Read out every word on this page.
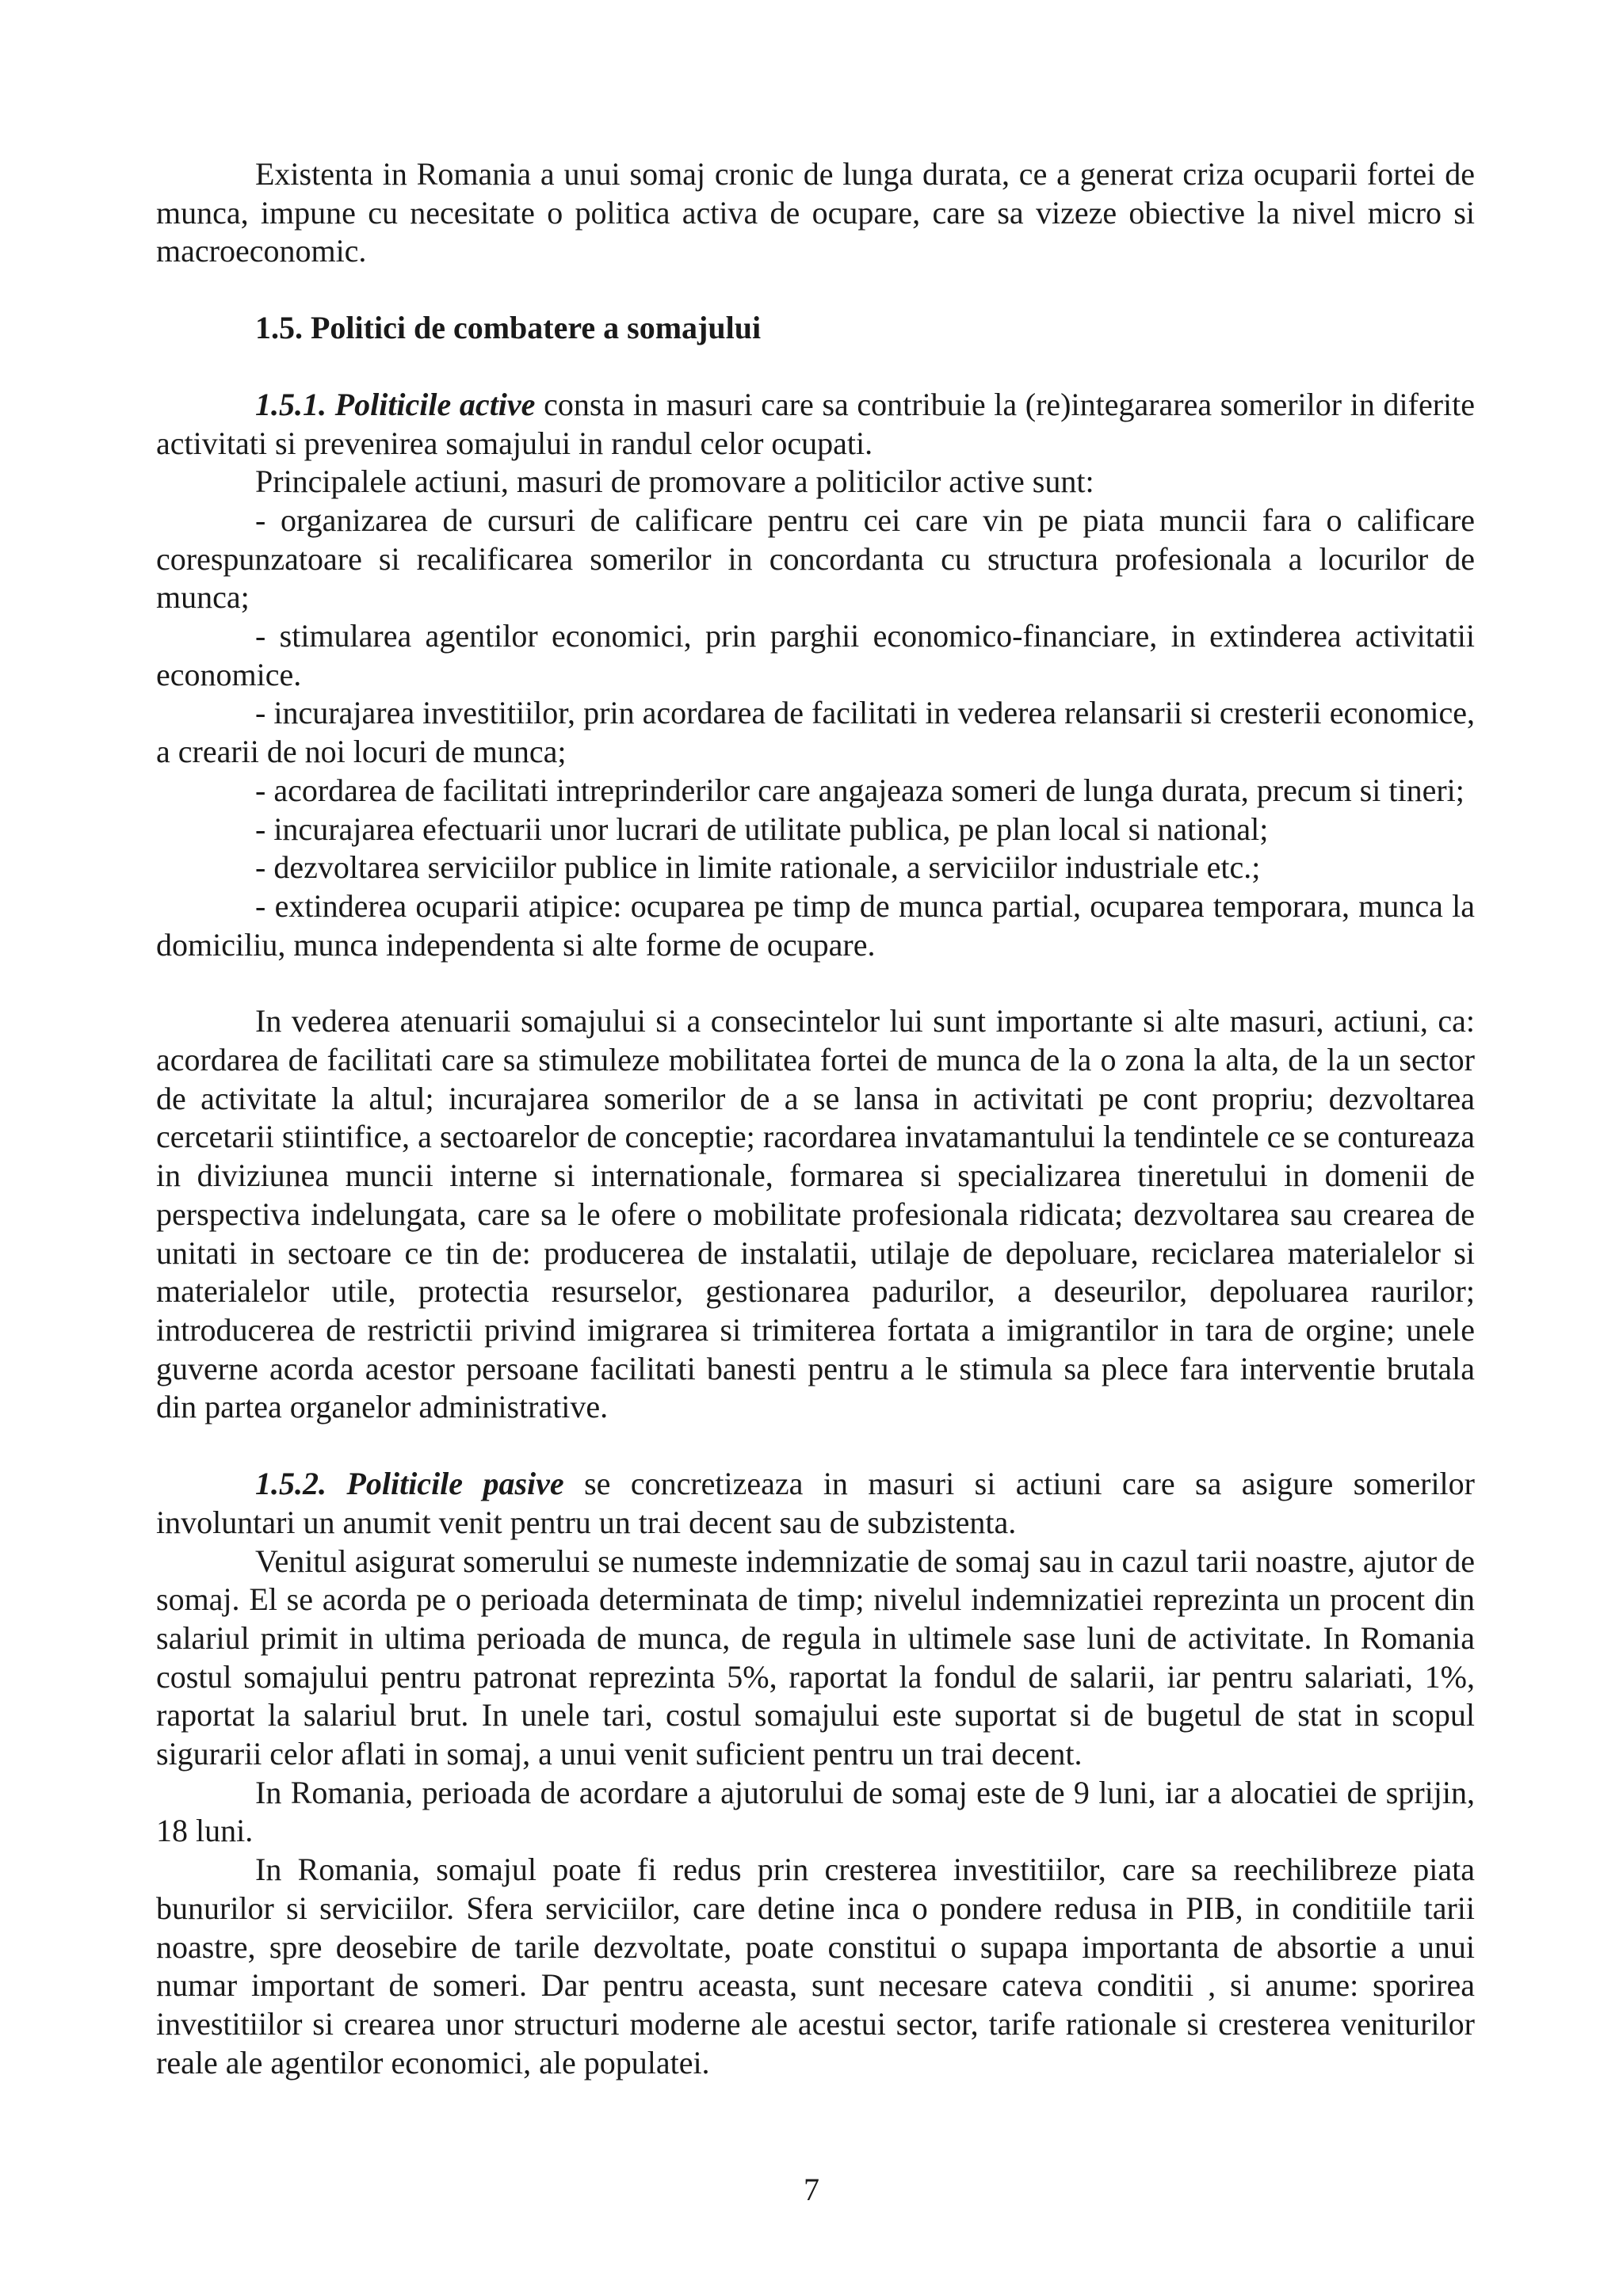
Existenta in Romania a unui somaj cronic de lunga durata, ce a generat criza ocuparii fortei de munca, impune cu necesitate o politica activa de ocupare, care sa vizeze obiective la nivel micro si macroeconomic.

1.5. Politici de combatere a somajului

1.5.1. Politicile active consta in masuri care sa contribuie la (re)integararea somerilor in diferite activitati si prevenirea somajului in randul celor ocupati.

Principalele actiuni, masuri de promovare a politicilor active sunt:

- organizarea de cursuri de calificare pentru cei care vin pe piata muncii fara o calificare corespunzatoare si recalificarea somerilor in concordanta cu structura profesionala a locurilor de munca;

- stimularea agentilor economici, prin parghii economico-financiare, in extinderea activitatii economice.

- incurajarea investitiilor, prin acordarea de facilitati in vederea relansarii si cresterii economice, a crearii de noi locuri de munca;

- acordarea de facilitati intreprinderilor care angajeaza someri de lunga durata, precum si tineri;

- incurajarea efectuarii unor lucrari de utilitate publica, pe plan local si national;

- dezvoltarea serviciilor publice in limite rationale, a serviciilor industriale etc.;

- extinderea ocuparii atipice: ocuparea pe timp de munca partial, ocuparea temporara, munca la domiciliu, munca independenta si alte forme de ocupare.

In vederea atenuarii somajului si a consecintelor lui sunt importante si alte masuri, actiuni, ca: acordarea de facilitati care sa stimuleze mobilitatea fortei de munca de la o zona la alta, de la un sector de activitate la altul; incurajarea somerilor de a se lansa in activitati pe cont propriu; dezvoltarea cercetarii stiintifice, a sectoarelor de conceptie; racordarea invatamantului la tendintele ce se contureaza in diviziunea muncii interne si internationale, formarea si specializarea tineretului in domenii de perspectiva indelungata, care sa le ofere o mobilitate profesionala ridicata; dezvoltarea sau crearea de unitati in sectoare ce tin de: producerea de instalatii, utilaje de depoluare, reciclarea materialelor si materialelor utile, protectia resurselor, gestionarea padurilor, a deseurilor, depoluarea raurilor; introducerea de restrictii privind imigrarea si trimiterea fortata a imigrantilor in tara de orgine; unele guverne acorda acestor persoane facilitati banesti pentru a le stimula sa plece fara interventie brutala din partea organelor administrative.

1.5.2. Politicile pasive se concretizeaza in masuri si actiuni care sa asigure somerilor involuntari un anumit venit pentru un trai decent sau de subzistenta.

Venitul asigurat somerului se numeste indemnizatie de somaj sau in cazul tarii noastre, ajutor de somaj. El se acorda pe o perioada determinata de timp; nivelul indemnizatiei reprezinta un procent din salariul primit in ultima perioada de munca, de regula in ultimele sase luni de activitate. In Romania costul somajului pentru patronat reprezinta 5%, raportat la fondul de salarii, iar pentru salariati, 1%, raportat la salariul brut. In unele tari, costul somajului este suportat si de bugetul de stat in scopul sigurarii celor aflati in somaj, a unui venit suficient pentru un trai decent.

In Romania, perioada de acordare a ajutorului de somaj este de 9 luni, iar a alocatiei de sprijin, 18 luni.

In Romania, somajul poate fi redus prin cresterea investitiilor, care sa reechilibreze piata bunurilor si serviciilor. Sfera serviciilor, care detine inca o pondere redusa in PIB, in conditiile tarii noastre, spre deosebire de tarile dezvoltate, poate constitui o supapa importanta de absortie a unui numar important de someri. Dar pentru aceasta, sunt necesare cateva conditii , si anume: sporirea investitiilor si crearea unor structuri moderne ale acestui sector, tarife rationale si cresterea veniturilor reale ale agentilor economici, ale populatei.

7
